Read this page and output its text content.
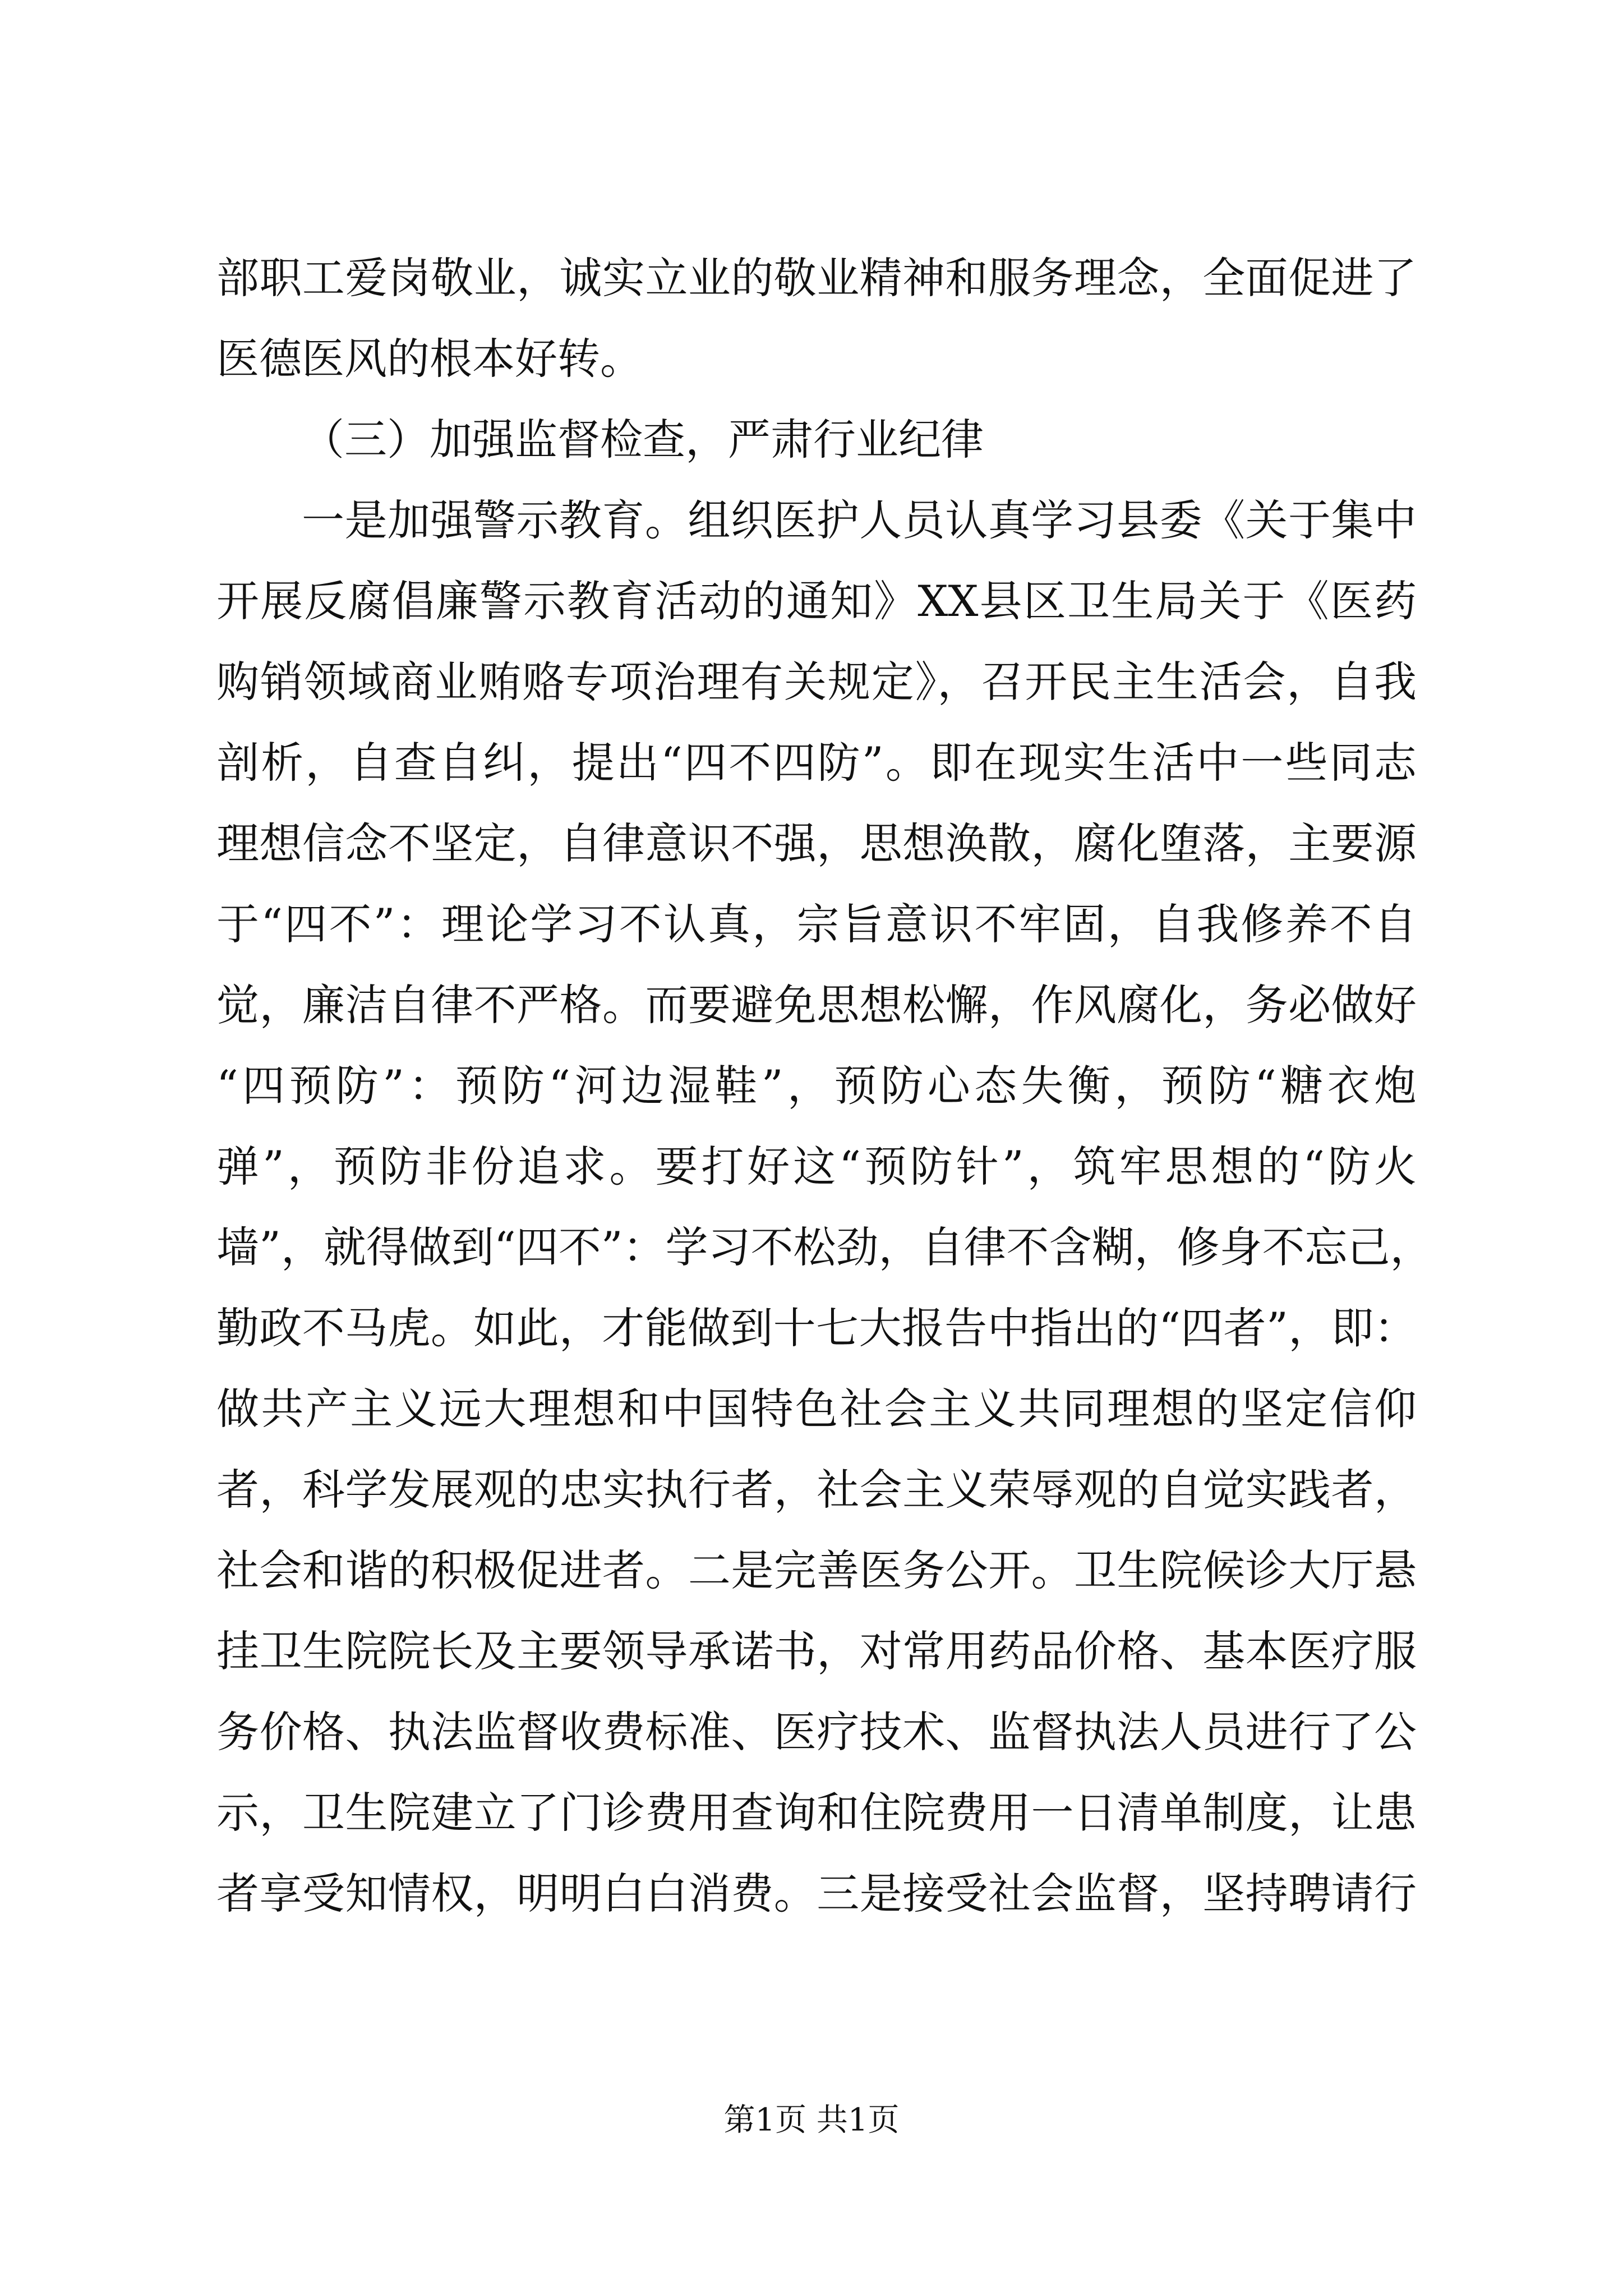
部职工爱岗敬业，诚实立业的敬业精神和服务理念，全面促进了
医德医风的根本好转。
（三）加强监督检查，严肃行业纪律
一是加强警示教育。组织医护人员认真学习县委《关于集中
开展反腐倡廉警示教育活动的通知》XX县区卫生局关于《医药
购销领域商业贿赂专项治理有关规定》，召开民主生活会，自我
剖析，自查自纠，提出“四不四防”。即在现实生活中一些同志
理想信念不坚定，自律意识不强，思想涣散，腐化堕落，主要源
于“四不”：理论学习不认真，宗旨意识不牢固，自我修养不自
觉，廉洁自律不严格。而要避免思想松懈，作风腐化，务必做好
“四预防”：预防“河边湿鞋”，预防心态失衡，预防“糖衣炮
弹”，预防非份追求。要打好这“预防针”，筑牢思想的“防火
墙”，就得做到“四不”：学习不松劲，自律不含糊，修身不忘己，
勤政不马虎。如此，才能做到十七大报告中指出的“四者”，即：
做共产主义远大理想和中国特色社会主义共同理想的坚定信仰
者，科学发展观的忠实执行者，社会主义荣辱观的自觉实践者，
社会和谐的积极促进者。二是完善医务公开。卫生院候诊大厅悬
挂卫生院院长及主要领导承诺书，对常用药品价格、基本医疗服
务价格、执法监督收费标准、医疗技术、监督执法人员进行了公
示，卫生院建立了门诊费用查询和住院费用一日清单制度，让患
者享受知情权，明明白白消费。三是接受社会监督，坚持聘请行
第1页 共1页
